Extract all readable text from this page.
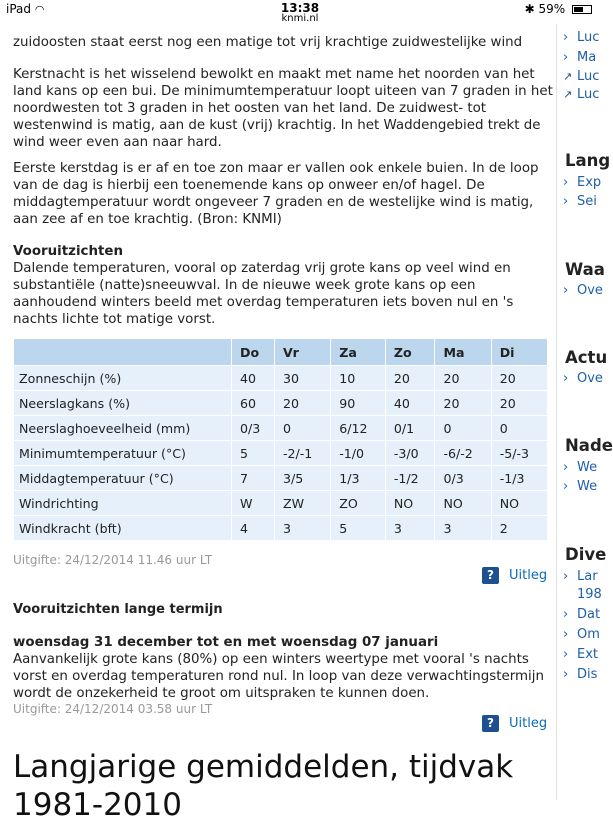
iPad ◠	13:38
knmi.nl
✱ 59%
zuidoosten staat eerst nog een matige tot vrij krachtige zuidwestelijke wind
Kerstnacht is het wisselend bewolkt en maakt met name het noorden van het land kans op een bui. De minimumtemperatuur loopt uiteen van 7 graden in het noordwesten tot 3 graden in het oosten van het land. De zuidwest- tot westenwind is matig, aan de kust (vrij) krachtig. In het Waddengebied trekt de wind weer even aan naar hard.
Eerste kerstdag is er af en toe zon maar er vallen ook enkele buien. In de loop van de dag is hierbij een toenemende kans op onweer en/of hagel. De middagtemperatuur wordt ongeveer 7 graden en de westelijke wind is matig, aan zee af en toe krachtig. (Bron: KNMI)
Vooruitzichten
Dalende temperaturen, vooral op zaterdag vrij grote kans op veel wind en substantiële (natte)sneeuwval. In de nieuwe week grote kans op een aanhoudend winters beeld met overdag temperaturen iets boven nul en 's nachts lichte tot matige vorst.
	Do	Vr	Za	Zo	Ma	Di
Zonneschijn (%)	40	30	10	20	20	20
Neerslagkans (%)	60	20	90	40	20	20
Neerslaghoeveelheid (mm)	0/3	0	6/12	0/1	0	0
Minimumtemperatuur (°C)	5	-2/-1	-1/0	-3/0	-6/-2	-5/-3
Middagtemperatuur (°C)	7	3/5	1/3	-1/2	0/3	-1/3
Windrichting	W	ZW	ZO	NO	NO	NO
Windkracht (bft)	4	3	5	3	3	2
Uitgifte: 24/12/2014 11.46 uur LT
?	Uitleg
Vooruitzichten lange termijn
woensdag 31 december tot en met woensdag 07 januari
Aanvankelijk grote kans (80%) op een winters weertype met vooral 's nachts vorst en overdag temperaturen rond nul. In loop van deze verwachtingstermijn wordt de onzekerheid te groot om uitspraken te kunnen doen.
Uitgifte: 24/12/2014 03.58 uur LT
?	Uitleg
Langjarige gemiddelden, tijdvak 1981-2010
› Luc
› Ma
↗ Luc
↗ Luc
Lang
› Exp
› Sei
Waa
› Ove
Actu
› Ove
Nade
› We
› We
Dive
› Lar
198
› Dat
› Om
› Ext
› Dis
